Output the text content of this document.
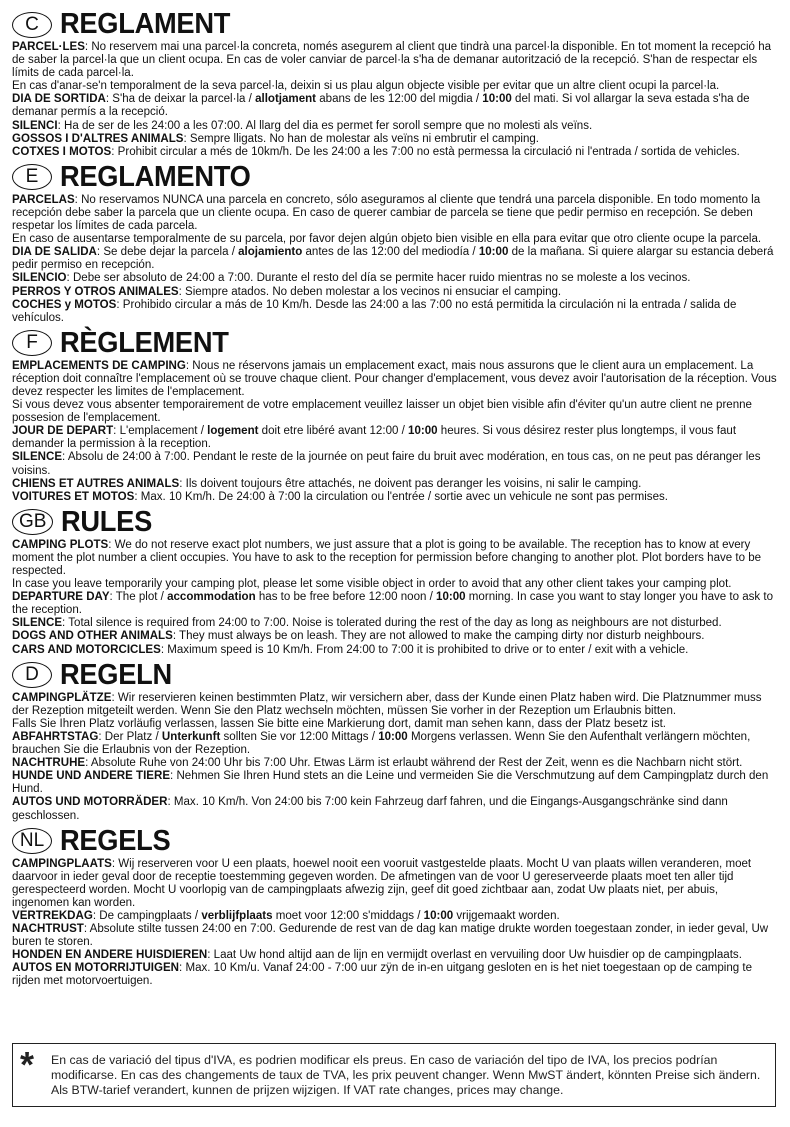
C REGLAMENT

PARCEL·LES: No reservem mai una parcel·la concreta, només asegurem al client que tindrà una parcel·la disponible. En tot moment la recepció ha de saber la parcel·la que un client ocupa. En cas de voler canviar de parcel·la s'ha de demanar autorització de la recepció. S'han de respectar els límits de cada parcel·la.

En cas d'anar-se'n temporalment de la seva parcel·la, deixin si us plau algun objecte visible per evitar que un altre client ocupi la parcel·la.

DIA DE SORTIDA: S'ha de deixar la parcel·la / allotjament abans de les 12:00 del migdia / 10:00 del mati. Si vol allargar la seva estada s'ha de demanar permís a la recepció.

SILENCI: Ha de ser de les 24:00 a les 07:00. Al llarg del dia es permet fer soroll sempre que no molesti als veïns.

GOSSOS I D'ALTRES ANIMALS: Sempre lligats. No han de molestar als veïns ni embrutir el camping.

COTXES I MOTOS: Prohibit circular a més de 10km/h. De les 24:00 a les 7:00 no està permessa la circulació ni l'entrada / sortida de vehicles.

E REGLAMENTO

PARCELAS: No reservamos NUNCA una parcela en concreto, sólo aseguramos al cliente que tendrá una parcela disponible. En todo momento la recepción debe saber la parcela que un cliente ocupa. En caso de querer cambiar de parcela se tiene que pedir permiso en recepción. Se deben respetar los límites de cada parcela.

En caso de ausentarse temporalmente de su parcela, por favor dejen algún objeto bien visible en ella para evitar que otro cliente ocupe la parcela.

DIA DE SALIDA: Se debe dejar la parcela / alojamiento antes de las 12:00 del mediodía / 10:00 de la mañana. Si quiere alargar su estancia deberá pedir permiso en recepción.

SILENCIO: Debe ser absoluto de 24:00 a 7:00. Durante el resto del día se permite hacer ruido mientras no se moleste a los vecinos.

PERROS Y OTROS ANIMALES: Siempre atados. No deben molestar a los vecinos ni ensuciar el camping.

COCHES y MOTOS: Prohibido circular a más de 10 Km/h. Desde las 24:00 a las 7:00 no está permitida la circulación ni la entrada / salida de vehículos.

F RÈGLEMENT

EMPLACEMENTS DE CAMPING: Nous ne réservons jamais un emplacement exact, mais nous assurons que le client aura un emplacement. La réception doit connaître l'emplacement où se trouve chaque client. Pour changer d'emplacement, vous devez avoir l'autorisation de la réception. Vous devez respecter les limites de l'emplacement.

Si vous devez vous absenter temporairement de votre emplacement veuillez laisser un objet bien visible afin d'éviter qu'un autre client ne prenne possesion de l'emplacement.

JOUR DE DEPART: L'emplacement / logement doit etre libéré avant 12:00 / 10:00 heures. Si vous désirez rester plus longtemps, il vous faut demander la permission à la reception.

SILENCE: Absolu de 24:00 à 7:00. Pendant le reste de la journée on peut faire du bruit avec modération, en tous cas, on ne peut pas déranger les voisins.

CHIENS ET AUTRES ANIMALS: Ils doivent toujours être attachés, ne doivent pas deranger les voisins, ni salir le camping.

VOITURES ET MOTOS: Max. 10 Km/h. De 24:00 à 7:00 la circulation ou l'entrée / sortie avec un vehicule ne sont pas permises.

GB RULES

CAMPING PLOTS: We do not reserve exact plot numbers, we just assure that a plot is going to be available. The reception has to know at every moment the plot number a client occupies. You have to ask to the reception for permission before changing to another plot. Plot borders have to be respected.

In case you leave temporarily your camping plot, please let some visible object in order to avoid that any other client takes your camping plot.

DEPARTURE DAY: The plot / accommodation has to be free before 12:00 noon / 10:00 morning. In case you want to stay longer you have to ask to the reception.

SILENCE: Total silence is required from 24:00 to 7:00. Noise is tolerated during the rest of the day as long as neighbours are not disturbed.

DOGS AND OTHER ANIMALS: They must always be on leash. They are not allowed to make the camping dirty nor disturb neighbours.

CARS AND MOTORCICLES: Maximum speed is 10 Km/h. From 24:00 to 7:00 it is prohibited to drive or to enter / exit with a vehicle.

D REGELN

CAMPINGPLÄTZE: Wir reservieren keinen bestimmten Platz, wir versichern aber, dass der Kunde einen Platz haben wird. Die Platznummer muss der Rezeption mitgeteilt werden. Wenn Sie den Platz wechseln möchten, müssen Sie vorher in der Rezeption um Erlaubnis bitten.

Falls Sie Ihren Platz vorläufig verlassen, lassen Sie bitte eine Markierung dort, damit man sehen kann, dass der Platz besetz ist.

ABFAHRTSTAG: Der Platz / Unterkunft sollten Sie vor 12:00 Mittags / 10:00 Morgens verlassen. Wenn Sie den Aufenthalt verlängern möchten, brauchen Sie die Erlaubnis von der Rezeption.

NACHTRUHE: Absolute Ruhe von 24:00 Uhr bis 7:00 Uhr. Etwas Lärm ist erlaubt während der Rest der Zeit, wenn es die Nachbarn nicht stört.

HUNDE UND ANDERE TIERE: Nehmen Sie Ihren Hund stets an die Leine und vermeiden Sie die Verschmutzung auf dem Campingplatz durch den Hund.

AUTOS UND MOTORRÄDER: Max. 10 Km/h. Von 24:00 bis 7:00 kein Fahrzeug darf fahren, und die Eingangs-Ausgangschränke sind dann geschlossen.

NL REGELS

CAMPINGPLAATS: Wij reserveren voor U een plaats, hoewel nooit een vooruit vastgestelde plaats. Mocht U van plaats willen veranderen, moet daarvoor in ieder geval door de receptie toestemming gegeven worden. De afmetingen van de voor U gereserveerde plaats moet ten aller tijd gerespecteerd worden. Mocht U voorlopig van de campingplaats afwezig zijn, geef dit goed zichtbaar aan, zodat Uw plaats niet, per abuis, ingenomen kan worden.

VERTREKDAG: De campingplaats / verblijfplaats moet voor 12:00 s'middags / 10:00 vrijgemaakt worden.

NACHTRUST: Absolute stilte tussen 24:00 en 7:00. Gedurende de rest van de dag kan matige drukte worden toegestaan zonder, in ieder geval, Uw buren te storen.

HONDEN EN ANDERE HUISDIEREN: Laat Uw hond altijd aan de lijn en vermijdt overlast en vervuiling door Uw huisdier op de campingplaats.

AUTOS EN MOTORRIJTUIGEN: Max. 10 Km/u. Vanaf 24:00 - 7:00 uur zÿn de in-en uitgang gesloten en is het niet toegestaan op de camping te rijden met motorvoertuigen.

* En cas de variació del tipus d'IVA, es podrien modificar els preus. En caso de variación del tipo de IVA, los precios podrían modificarse. En cas des changements de taux de TVA, les prix peuvent changer. Wenn MwST ändert, könnten Preise sich ändern. Als BTW-tarief verandert, kunnen de prijzen wijzigen. If VAT rate changes, prices may change.
